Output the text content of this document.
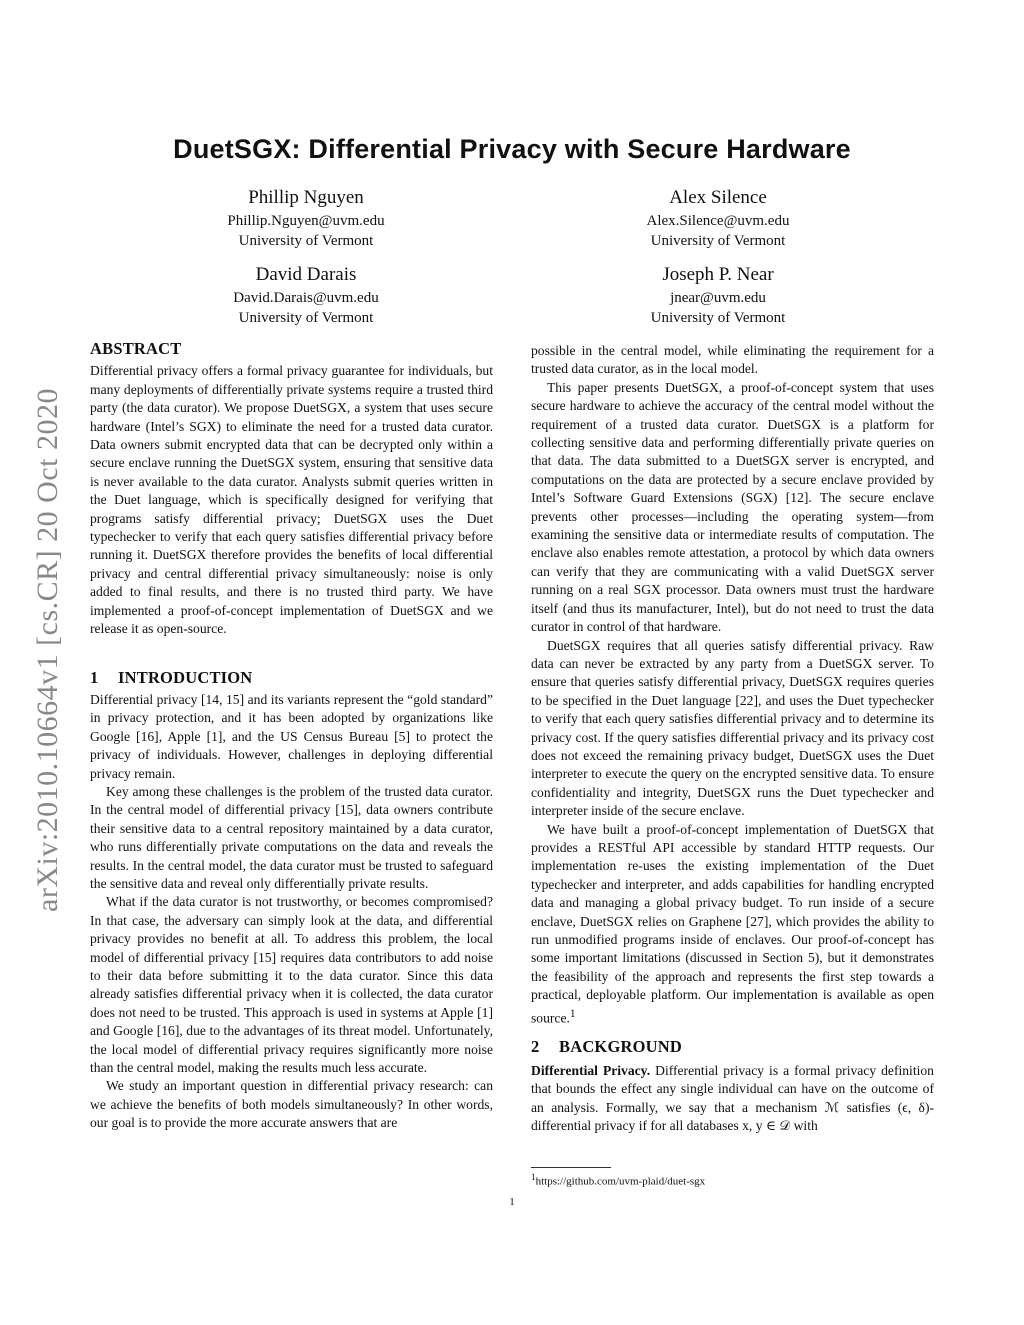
arXiv:2010.10664v1 [cs.CR] 20 Oct 2020
DuetSGX: Differential Privacy with Secure Hardware
Phillip Nguyen
Phillip.Nguyen@uvm.edu
University of Vermont
Alex Silence
Alex.Silence@uvm.edu
University of Vermont
David Darais
David.Darais@uvm.edu
University of Vermont
Joseph P. Near
jnear@uvm.edu
University of Vermont
ABSTRACT

Differential privacy offers a formal privacy guarantee for individuals, but many deployments of differentially private systems require a trusted third party (the data curator). We propose DuetSGX, a system that uses secure hardware (Intel’s SGX) to eliminate the need for a trusted data curator. Data owners submit encrypted data that can be decrypted only within a secure enclave running the DuetSGX system, ensuring that sensitive data is never available to the data curator. Analysts submit queries written in the Duet language, which is specifically designed for verifying that programs satisfy differential privacy; DuetSGX uses the Duet typechecker to verify that each query satisfies differential privacy before running it. DuetSGX therefore provides the benefits of local differential privacy and central differential privacy simultaneously: noise is only added to final results, and there is no trusted third party. We have implemented a proof-of-concept implementation of DuetSGX and we release it as open-source.

1 INTRODUCTION

Differential privacy [14, 15] and its variants represent the “gold standard” in privacy protection, and it has been adopted by organizations like Google [16], Apple [1], and the US Census Bureau [5] to protect the privacy of individuals. However, challenges in deploying differential privacy remain.

Key among these challenges is the problem of the trusted data curator. In the central model of differential privacy [15], data owners contribute their sensitive data to a central repository maintained by a data curator, who runs differentially private computations on the data and reveals the results. In the central model, the data curator must be trusted to safeguard the sensitive data and reveal only differentially private results.

What if the data curator is not trustworthy, or becomes compromised? In that case, the adversary can simply look at the data, and differential privacy provides no benefit at all. To address this problem, the local model of differential privacy [15] requires data contributors to add noise to their data before submitting it to the data curator. Since this data already satisfies differential privacy when it is collected, the data curator does not need to be trusted. This approach is used in systems at Apple [1] and Google [16], due to the advantages of its threat model. Unfortunately, the local model of differential privacy requires significantly more noise than the central model, making the results much less accurate.

We study an important question in differential privacy research: can we achieve the benefits of both models simultaneously? In other words, our goal is to provide the more accurate answers that are

possible in the central model, while eliminating the requirement for a trusted data curator, as in the local model.

This paper presents DuetSGX, a proof-of-concept system that uses secure hardware to achieve the accuracy of the central model without the requirement of a trusted data curator. DuetSGX is a platform for collecting sensitive data and performing differentially private queries on that data. The data submitted to a DuetSGX server is encrypted, and computations on the data are protected by a secure enclave provided by Intel’s Software Guard Extensions (SGX) [12]. The secure enclave prevents other processes—including the operating system—from examining the sensitive data or intermediate results of computation. The enclave also enables remote attestation, a protocol by which data owners can verify that they are communicating with a valid DuetSGX server running on a real SGX processor. Data owners must trust the hardware itself (and thus its manufacturer, Intel), but do not need to trust the data curator in control of that hardware.

DuetSGX requires that all queries satisfy differential privacy. Raw data can never be extracted by any party from a DuetSGX server. To ensure that queries satisfy differential privacy, DuetSGX requires queries to be specified in the Duet language [22], and uses the Duet typechecker to verify that each query satisfies differential privacy and to determine its privacy cost. If the query satisfies differential privacy and its privacy cost does not exceed the remaining privacy budget, DuetSGX uses the Duet interpreter to execute the query on the encrypted sensitive data. To ensure confidentiality and integrity, DuetSGX runs the Duet typechecker and interpreter inside of the secure enclave.

We have built a proof-of-concept implementation of DuetSGX that provides a RESTful API accessible by standard HTTP requests. Our implementation re-uses the existing implementation of the Duet typechecker and interpreter, and adds capabilities for handling encrypted data and managing a global privacy budget. To run inside of a secure enclave, DuetSGX relies on Graphene [27], which provides the ability to run unmodified programs inside of enclaves. Our proof-of-concept has some important limitations (discussed in Section 5), but it demonstrates the feasibility of the approach and represents the first step towards a practical, deployable platform. Our implementation is available as open source.$^1$

2 BACKGROUND

Differential Privacy. Differential privacy is a formal privacy definition that bounds the effect any single individual can have on the outcome of an analysis. Formally, we say that a mechanism ℳ satisfies (ϵ, δ)-differential privacy if for all databases x, y ∈ 𝒟 with

$^1$https://github.com/uvm-plaid/duet-sgx
1
